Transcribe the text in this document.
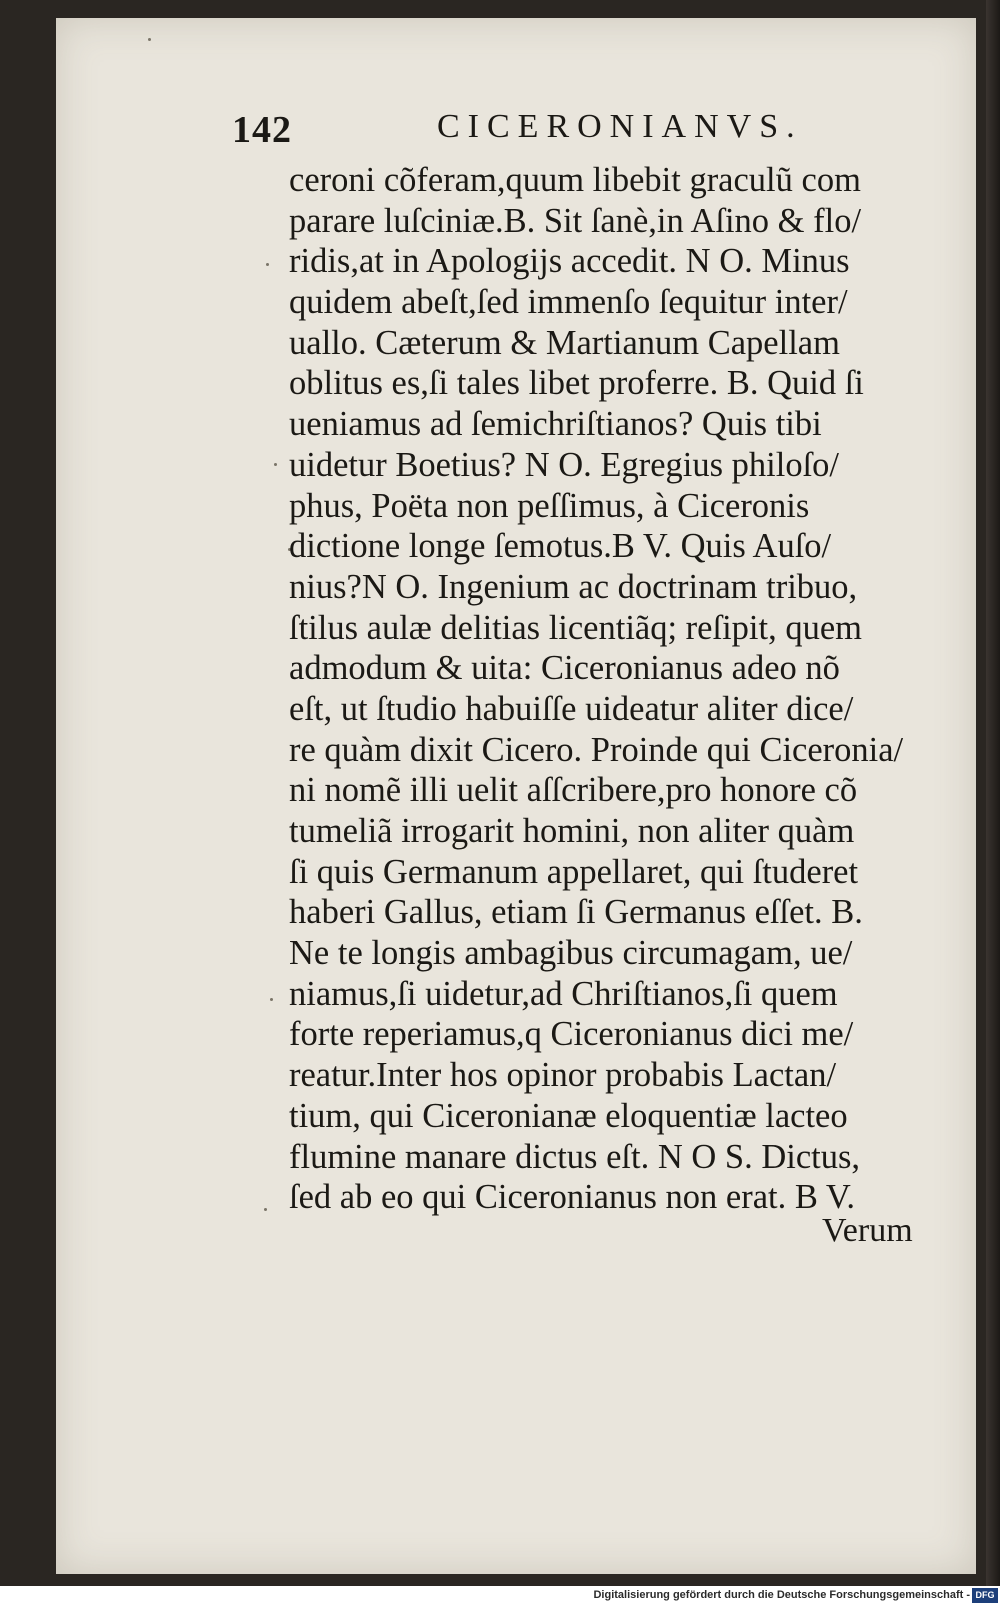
142	CICERONIANVS.
ceroni cõferam,quum libebit graculũ com
parare luſciniæ.B. Sit ſanè,in Aſino & flo/
ridis,at in Apologijs accedit. N O. Minus
quidem abeſt,ſed immenſo ſequitur inter/
uallo. Cæterum & Martianum Capellam
oblitus es,ſi tales libet proferre. B. Quid ſi
ueniamus ad ſemichriſtianos? Quis tibi
uidetur Boetius? N O. Egregius philoſo/
phus, Poëta non peſſimus, à Ciceronis
dictione longe ſemotus.B V. Quis Auſo/
nius?N O. Ingenium ac doctrinam tribuo,
ſtilus aulæ delitias licentiãq; reſipit, quem
admodum & uita: Ciceronianus adeo nõ
eſt, ut ſtudio habuiſſe uideatur aliter dice/
re quàm dixit Cicero. Proinde qui Ciceronia/
ni nomẽ illi uelit aſſcribere,pro honore cõ
tumeliã irrogarit homini, non aliter quàm
ſi quis Germanum appellaret, qui ſtuderet
haberi Gallus, etiam ſi Germanus eſſet. B.
Ne te longis ambagibus circumagam, ue/
niamus,ſi uidetur,ad Chriſtianos,ſi quem
forte reperiamus,q Ciceronianus dici me/
reatur.Inter hos opinor probabis Lactan/
tium, qui Ciceronianæ eloquentiæ lacteo
flumine manare dictus eſt. N O S. Dictus,
ſed ab eo qui Ciceronianus non erat. B V.
Verum
Digitalisierung gefördert durch die Deutsche Forschungsgemeinschaft - DFG
